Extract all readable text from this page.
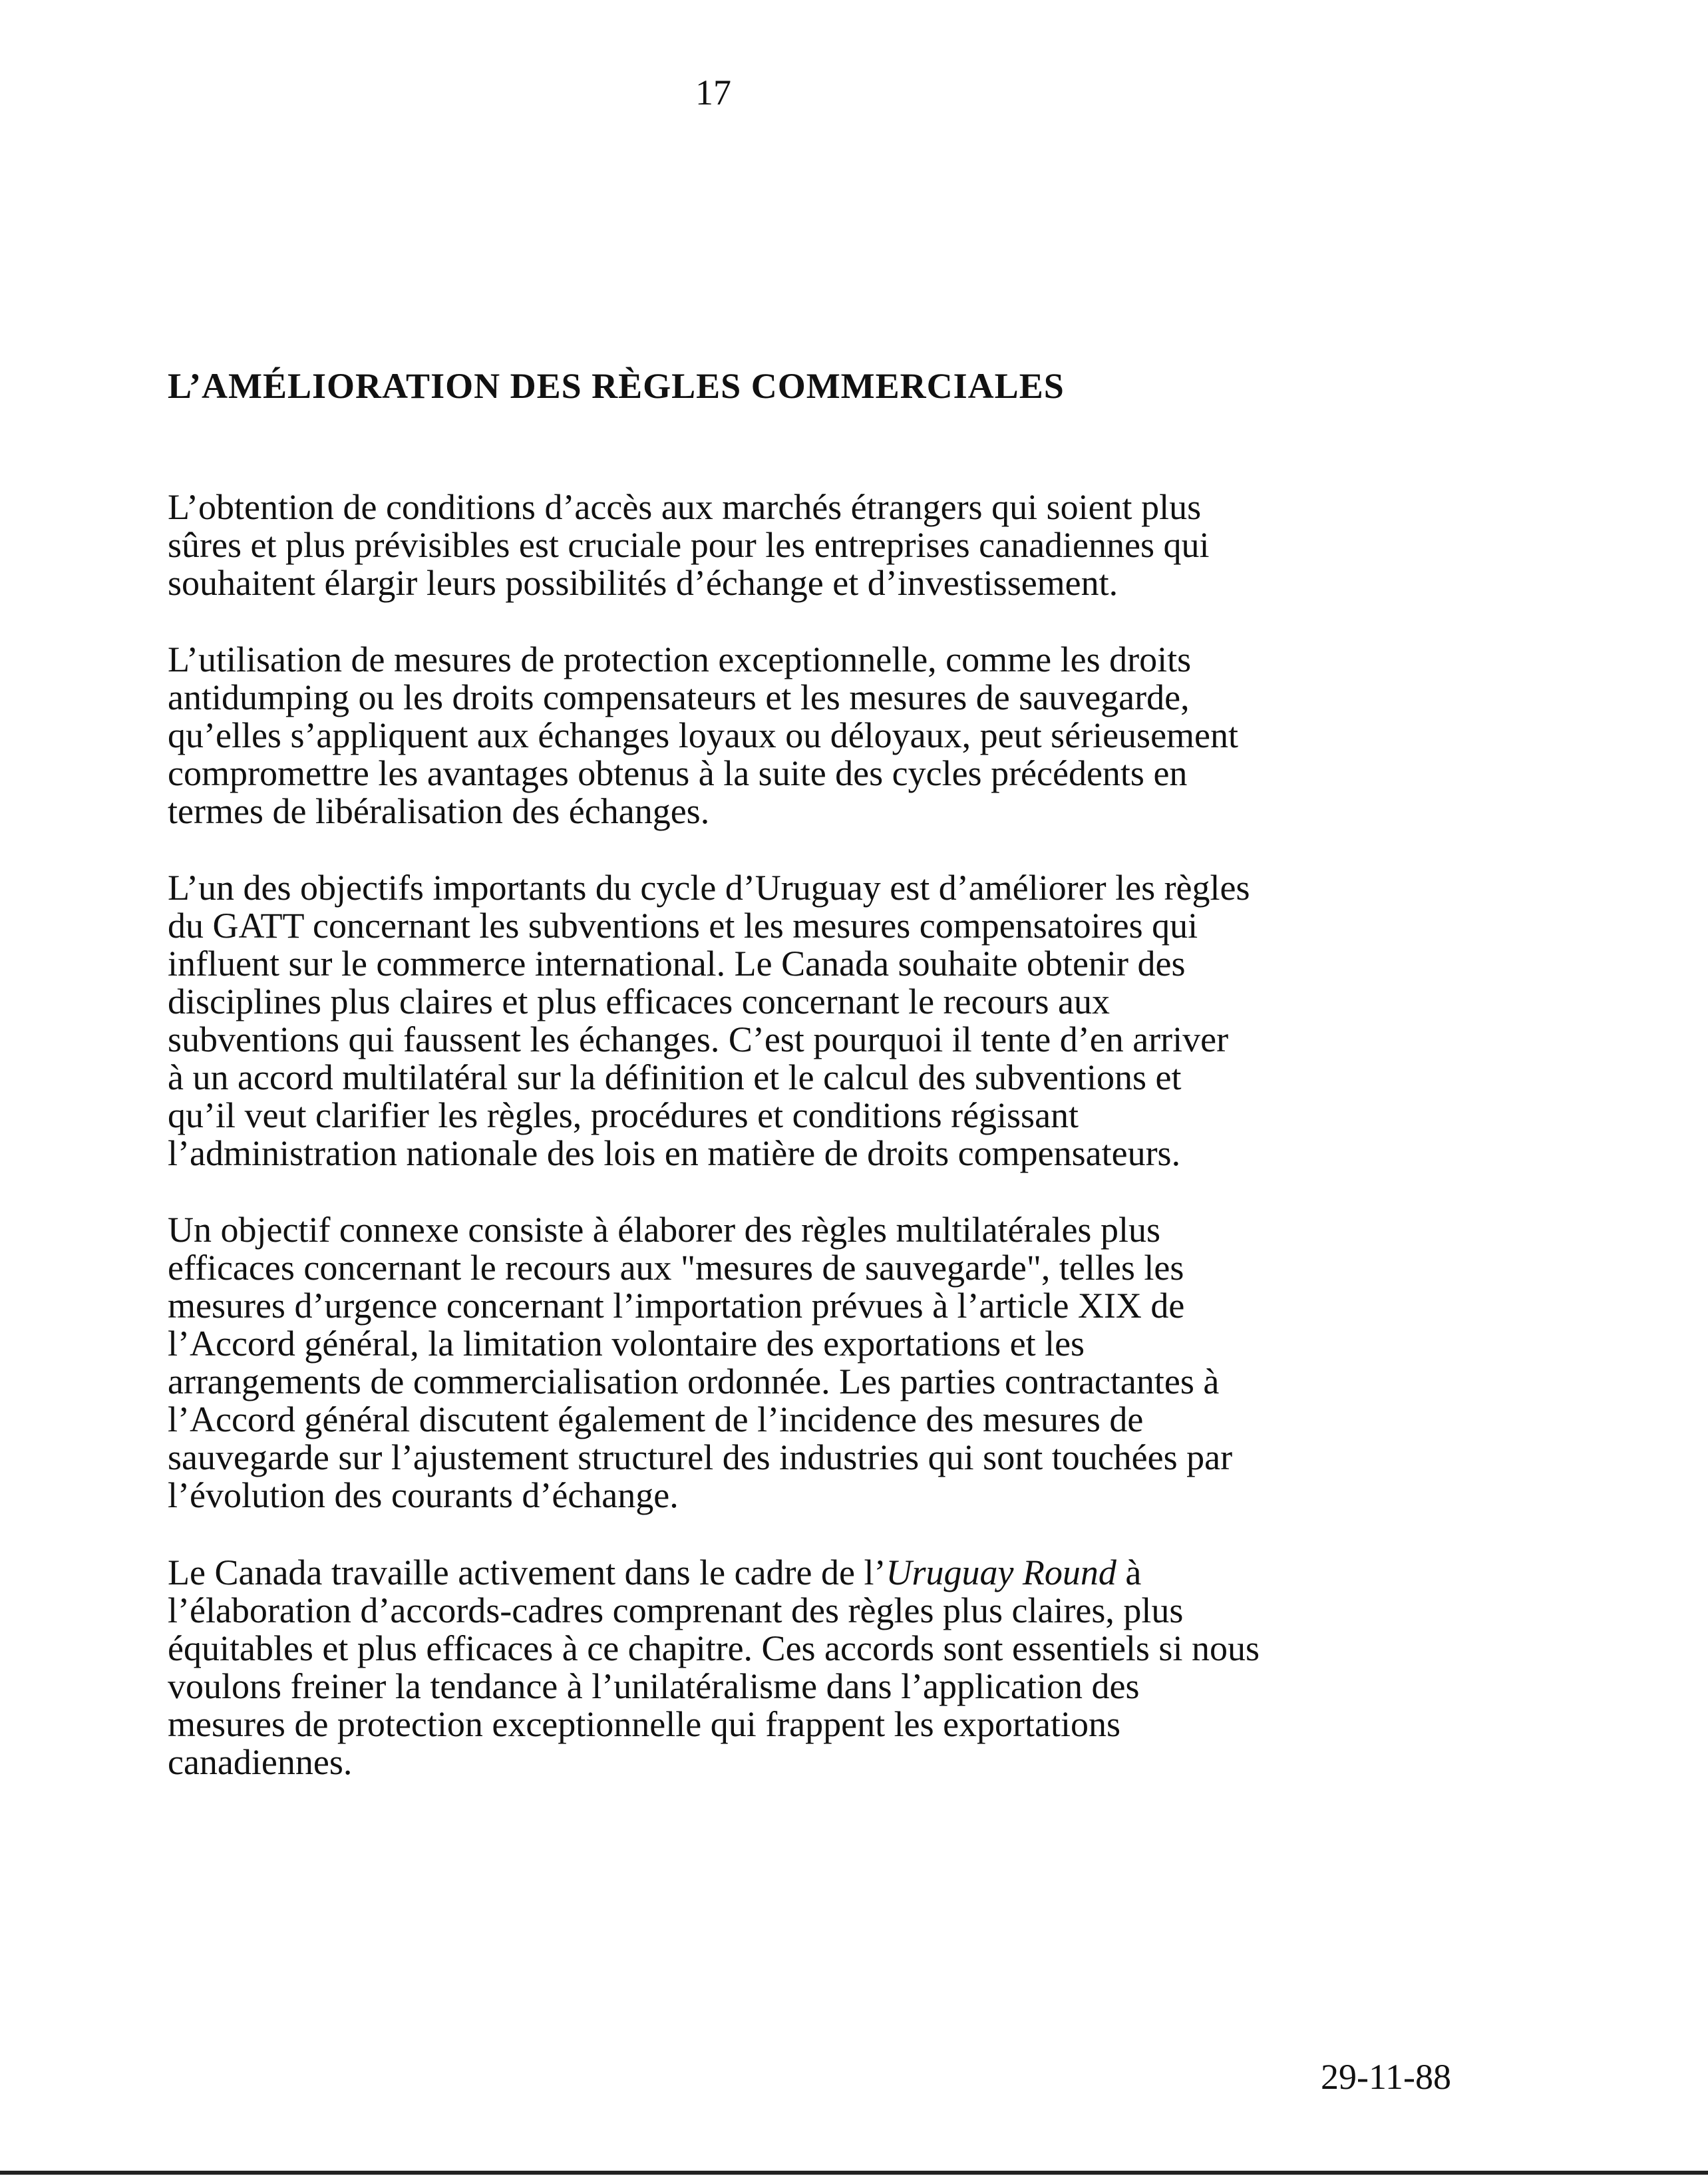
17
L’AMÉLIORATION DES RÈGLES COMMERCIALES
L’obtention de conditions d’accès aux marchés étrangers qui soient plus
sûres et plus prévisibles est cruciale pour les entreprises canadiennes qui
souhaitent élargir leurs possibilités d’échange et d’investissement.
L’utilisation de mesures de protection exceptionnelle, comme les droits
antidumping ou les droits compensateurs et les mesures de sauvegarde,
qu’elles s’appliquent aux échanges loyaux ou déloyaux, peut sérieusement
compromettre les avantages obtenus à la suite des cycles précédents en
termes de libéralisation des échanges.
L’un des objectifs importants du cycle d’Uruguay est d’améliorer les règles
du GATT concernant les subventions et les mesures compensatoires qui
influent sur le commerce international. Le Canada souhaite obtenir des
disciplines plus claires et plus efficaces concernant le recours aux
subventions qui faussent les échanges. C’est pourquoi il tente d’en arriver
à un accord multilatéral sur la définition et le calcul des subventions et
qu’il veut clarifier les règles, procédures et conditions régissant
l’administration nationale des lois en matière de droits compensateurs.
Un objectif connexe consiste à élaborer des règles multilatérales plus
efficaces concernant le recours aux "mesures de sauvegarde", telles les
mesures d’urgence concernant l’importation prévues à l’article XIX de
l’Accord général, la limitation volontaire des exportations et les
arrangements de commercialisation ordonnée. Les parties contractantes à
l’Accord général discutent également de l’incidence des mesures de
sauvegarde sur l’ajustement structurel des industries qui sont touchées par
l’évolution des courants d’échange.
Le Canada travaille activement dans le cadre de l’Uruguay Round à
l’élaboration d’accords-cadres comprenant des règles plus claires, plus
équitables et plus efficaces à ce chapitre. Ces accords sont essentiels si nous
voulons freiner la tendance à l’unilatéralisme dans l’application des
mesures de protection exceptionnelle qui frappent les exportations
canadiennes.
29-11-88
